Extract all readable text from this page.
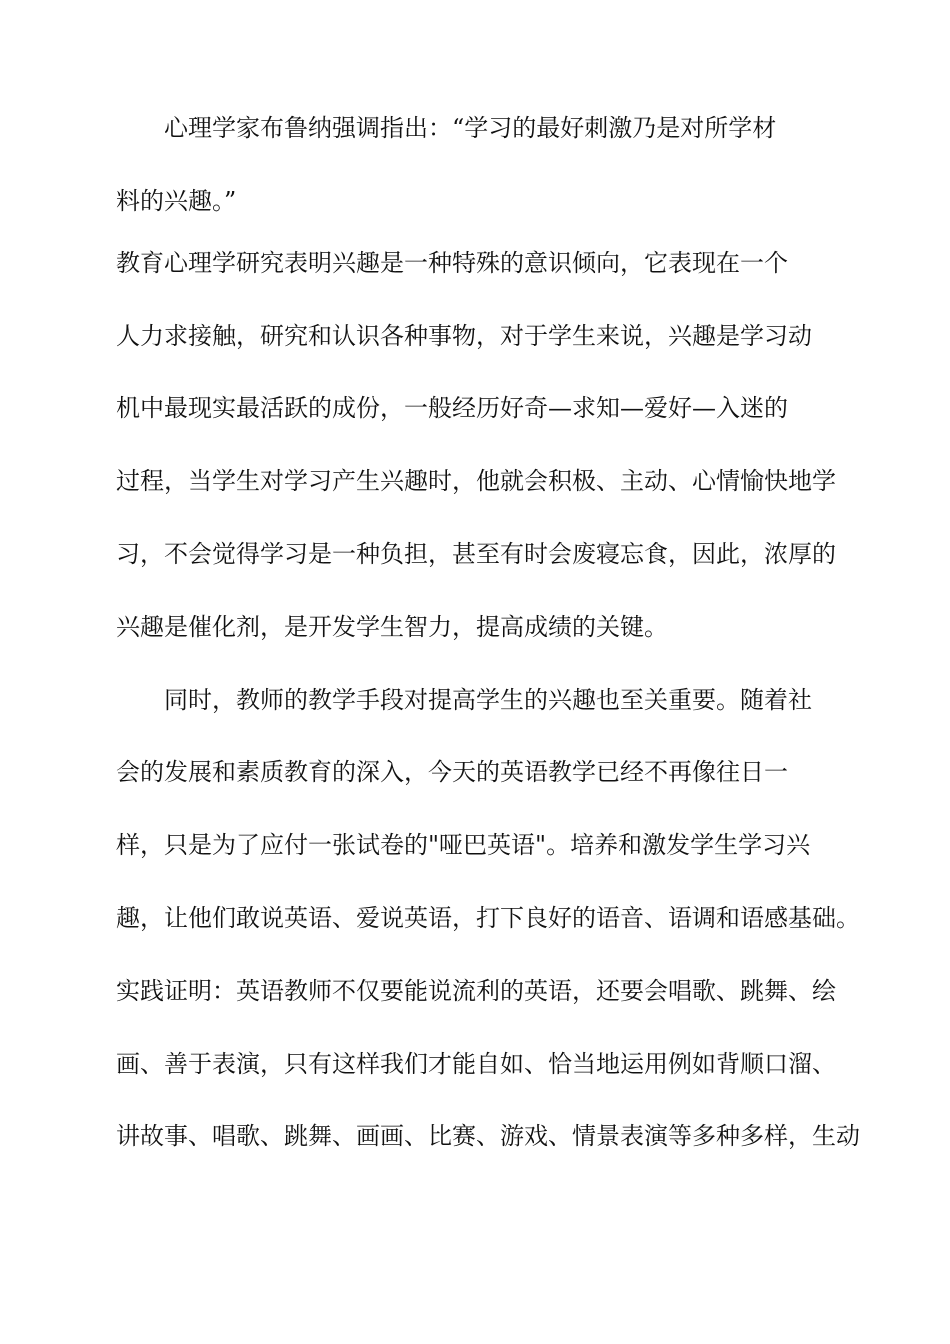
心理学家布鲁纳强调指出：“学习的最好刺激乃是对所学材
料的兴趣。”
教育心理学研究表明兴趣是一种特殊的意识倾向，它表现在一个
人力求接触，研究和认识各种事物，对于学生来说，兴趣是学习动
机中最现实最活跃的成份，一般经历好奇—求知—爱好—入迷的
过程，当学生对学习产生兴趣时，他就会积极、主动、心情愉快地学
习，不会觉得学习是一种负担，甚至有时会废寝忘食，因此，浓厚的
兴趣是催化剂，是开发学生智力，提高成绩的关键。
同时，教师的教学手段对提高学生的兴趣也至关重要。随着社
会的发展和素质教育的深入，今天的英语教学已经不再像往日一
样，只是为了应付一张试卷的"哑巴英语"。培养和激发学生学习兴
趣，让他们敢说英语、爱说英语，打下良好的语音、语调和语感基础。
实践证明：英语教师不仅要能说流利的英语，还要会唱歌、跳舞、绘
画、善于表演，只有这样我们才能自如、恰当地运用例如背顺口溜、
讲故事、唱歌、跳舞、画画、比赛、游戏、情景表演等多种多样，生动
